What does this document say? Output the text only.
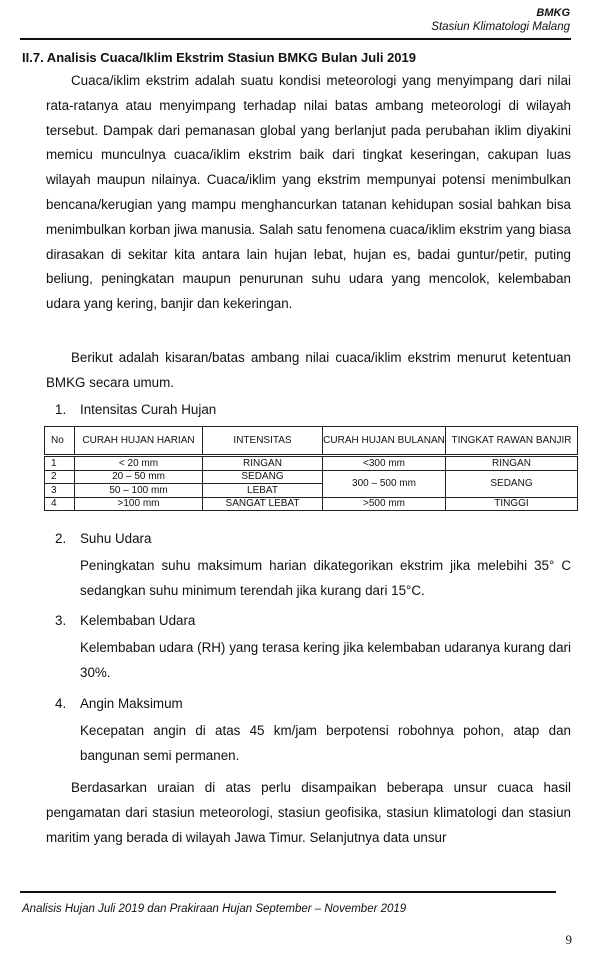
BMKG
Stasiun Klimatologi Malang
II.7. Analisis Cuaca/Iklim Ekstrim Stasiun BMKG Bulan Juli 2019

Cuaca/iklim ekstrim adalah suatu kondisi meteorologi yang menyimpang dari nilai rata-ratanya atau menyimpang terhadap nilai batas ambang meteorologi di wilayah tersebut. Dampak dari pemanasan global yang berlanjut pada perubahan iklim diyakini memicu munculnya cuaca/iklim ekstrim baik dari tingkat keseringan, cakupan luas wilayah maupun nilainya. Cuaca/iklim yang ekstrim mempunyai potensi menimbulkan bencana/kerugian yang mampu menghancurkan tatanan kehidupan sosial bahkan bisa menimbulkan korban jiwa manusia. Salah satu fenomena cuaca/iklim ekstrim yang biasa dirasakan di sekitar kita antara lain hujan lebat, hujan es, badai guntur/petir, puting beliung, peningkatan maupun penurunan suhu udara yang mencolok, kelembaban udara yang kering, banjir dan kekeringan.

Berikut adalah kisaran/batas ambang nilai cuaca/iklim ekstrim menurut ketentuan BMKG secara umum.

1. Intensitas Curah Hujan
No	CURAH HUJAN HARIAN	INTENSITAS	CURAH HUJAN BULANAN	TINGKAT RAWAN BANJIR
1	< 20 mm	RINGAN	<300 mm	RINGAN
2	20 – 50 mm	SEDANG	300 – 500 mm	SEDANG
3	50 – 100 mm	LEBAT		
4	>100 mm	SANGAT LEBAT	>500 mm	TINGGI
2. Suhu Udara

Peningkatan suhu maksimum harian dikategorikan ekstrim jika melebihi 35° C sedangkan suhu minimum terendah jika kurang dari 15°C.

3. Kelembaban Udara

Kelembaban udara (RH) yang terasa kering jika kelembaban udaranya kurang dari 30%.

4. Angin Maksimum

Kecepatan angin di atas 45 km/jam berpotensi robohnya pohon, atap dan bangunan semi permanen.

Berdasarkan uraian di atas perlu disampaikan beberapa unsur cuaca hasil pengamatan dari stasiun meteorologi, stasiun geofisika, stasiun klimatologi dan stasiun maritim yang berada di wilayah Jawa Timur. Selanjutnya data unsur

Analisis Hujan Juli 2019 dan Prakiraan Hujan September – November 2019
9
